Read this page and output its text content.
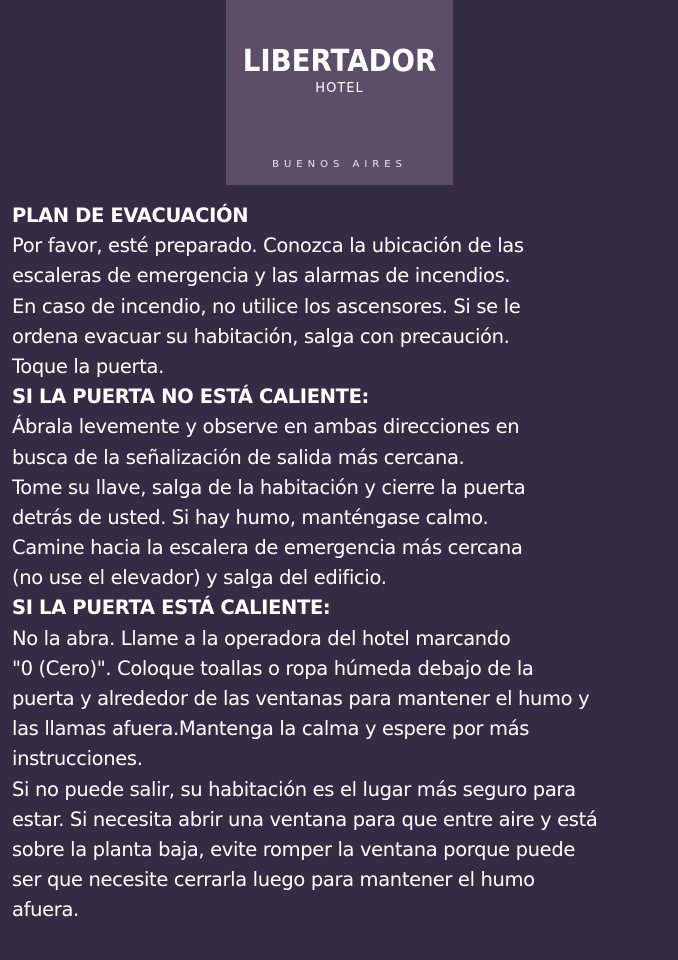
LIBERTADOR
HOTEL
BUENOS AIRES
PLAN DE EVACUACIÓN
Por favor, esté preparado. Conozca la ubicación de las
escaleras de emergencia y las alarmas de incendios.
En caso de incendio, no utilice los ascensores. Si se le
ordena evacuar su habitación, salga con precaución.
Toque la puerta.
SI LA PUERTA NO ESTÁ CALIENTE:
Ábrala levemente y observe en ambas direcciones en
busca de la señalización de salida más cercana.
Tome su llave, salga de la habitación y cierre la puerta
detrás de usted. Si hay humo, manténgase calmo.
Camine hacia la escalera de emergencia más cercana
(no use el elevador) y salga del edificio.
SI LA PUERTA ESTÁ CALIENTE:
No la abra. Llame a la operadora del hotel marcando
"0 (Cero)". Coloque toallas o ropa húmeda debajo de la
puerta y alrededor de las ventanas para mantener el humo y
las llamas afuera.Mantenga la calma y espere por más
instrucciones.
Si no puede salir, su habitación es el lugar más seguro para
estar. Si necesita abrir una ventana para que entre aire y está
sobre la planta baja, evite romper la ventana porque puede
ser que necesite cerrarla luego para mantener el humo
afuera.
